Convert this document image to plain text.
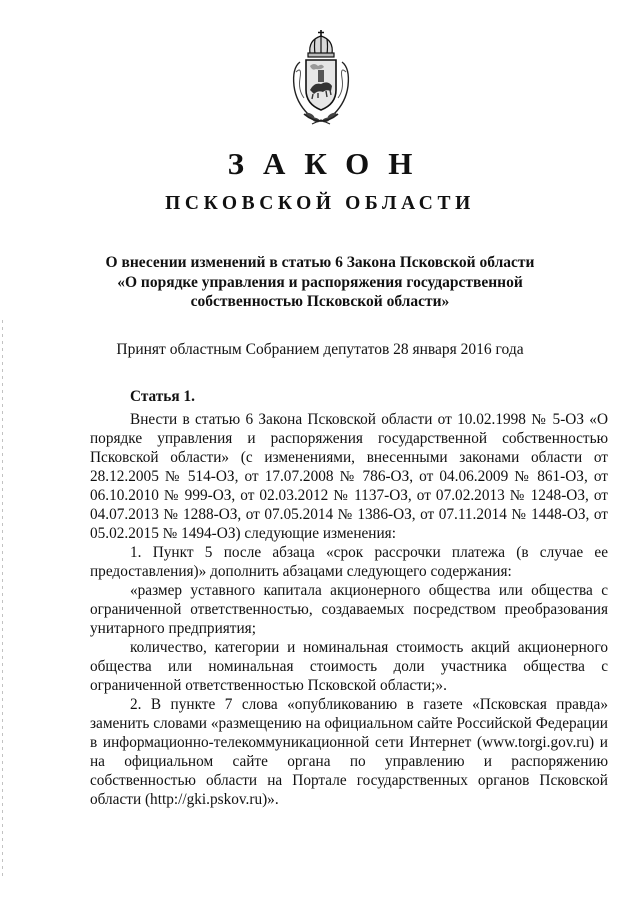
ЗАКОН
ПСКОВСКОЙ ОБЛАСТИ
О внесении изменений в статью 6 Закона Псковской области
«О порядке управления и распоряжения государственной
собственностью Псковской области»
Принят областным Собранием депутатов 28 января 2016 года
Статья 1.

Внести в статью 6 Закона Псковской области от 10.02.1998 № 5-ОЗ «О порядке управления и распоряжения государственной собственностью Псковской области» (с изменениями, внесенными законами области от 28.12.2005 № 514-ОЗ, от 17.07.2008 № 786-ОЗ, от 04.06.2009 № 861-ОЗ, от 06.10.2010 № 999-ОЗ, от 02.03.2012 № 1137-ОЗ, от 07.02.2013 № 1248-ОЗ, от 04.07.2013 № 1288-ОЗ, от 07.05.2014 № 1386-ОЗ, от 07.11.2014 № 1448-ОЗ, от 05.02.2015 № 1494-ОЗ) следующие изменения:

1. Пункт 5 после абзаца «срок рассрочки платежа (в случае ее предоставления)» дополнить абзацами следующего содержания:

«размер уставного капитала акционерного общества или общества с ограниченной ответственностью, создаваемых посредством преобразования унитарного предприятия;

количество, категории и номинальная стоимость акций акционерного общества или номинальная стоимость доли участника общества с ограниченной ответственностью Псковской области;».

2. В пункте 7 слова «опубликованию в газете «Псковская правда» заменить словами «размещению на официальном сайте Российской Федерации в информационно-телекоммуникационной сети Интернет (www.torgi.gov.ru) и на официальном сайте органа по управлению и распоряжению собственностью области на Портале государственных органов Псковской области (http://gki.pskov.ru)».
